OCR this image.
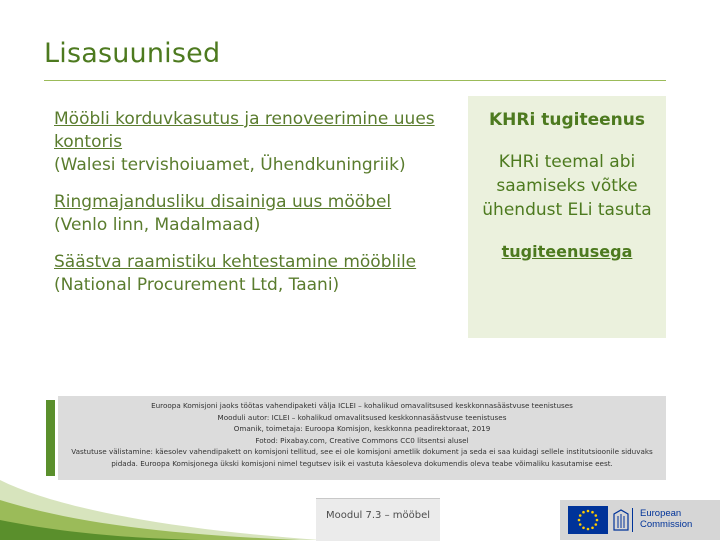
Lisasuunised
Mööbli korduvkasutus ja renoveerimine uues kontoris
(Walesi tervishoiuamet, Ühendkuningriik)
Ringmajandusliku disainiga uus mööbel
(Venlo linn, Madalmaad)
Säästva raamistiku kehtestamine mööblile
(National Procurement Ltd, Taani)
KHRi tugiteenus
KHRi teemal abi saamiseks võtke ühendust ELi tasuta
tugiteenusega
Euroopa Komisjoni jaoks töötas vahendipaketi välja ICLEI – kohalikud omavalitsused keskkonnasäästvuse teenistuses
Mooduli autor: ICLEI – kohalikud omavalitsused keskkonnasäästvuse teenistuses
Omanik, toimetaja: Euroopa Komisjon, keskkonna peadirektoraat, 2019
Fotod: Pixabay.com, Creative Commons CC0 litsentsi alusel
Vastutuse välistamine: käesolev vahendipakett on komisjoni tellitud, see ei ole komisjoni ametlik dokument ja seda ei saa kuidagi sellele institutsioonile siduvaks
pidada. Euroopa Komisjonega ükski komisjoni nimel tegutsev isik ei vastuta käesoleva dokumendis oleva teabe võimaliku kasutamise eest.
Moodul 7.3 – mööbel	European
Commission
